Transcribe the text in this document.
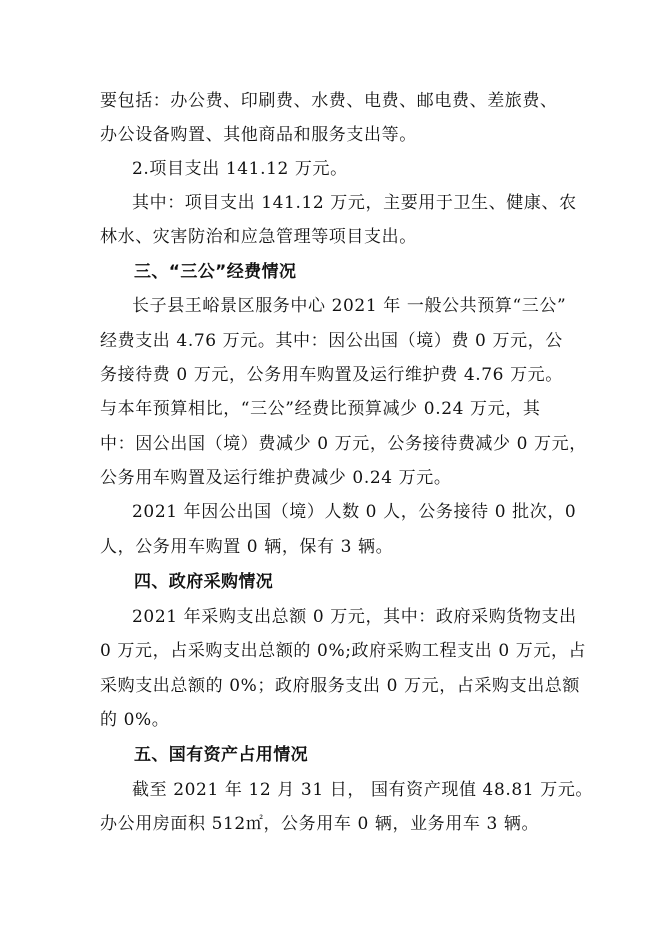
要包括：办公费、印刷费、水费、电费、邮电费、差旅费、

办公设备购置、其他商品和服务支出等。

2.项目支出 141.12 万元。

其中：项目支出 141.12 万元，主要用于卫生、健康、农

林水、灾害防治和应急管理等项目支出。

三、“三公”经费情况

长子县王峪景区服务中心 2021 年 一般公共预算“三公”

经费支出 4.76 万元。其中：因公出国（境）费 0 万元，公

务接待费 0 万元，公务用车购置及运行维护费 4.76 万元。

与本年预算相比，“三公”经费比预算减少 0.24 万元，其

中：因公出国（境）费减少 0 万元，公务接待费减少 0 万元，

公务用车购置及运行维护费减少 0.24 万元。

2021 年因公出国（境）人数 0 人，公务接待 0 批次，0

人，公务用车购置 0 辆，保有 3 辆。

四、政府采购情况

2021 年采购支出总额 0 万元，其中：政府采购货物支出

0 万元，占采购支出总额的 0%;政府采购工程支出 0 万元，占

采购支出总额的 0%；政府服务支出 0 万元，占采购支出总额

的 0%。

五、国有资产占用情况

截至 2021 年 12 月 31 日， 国有资产现值 48.81 万元。

办公用房面积 512㎡，公务用车 0 辆，业务用车 3 辆。
